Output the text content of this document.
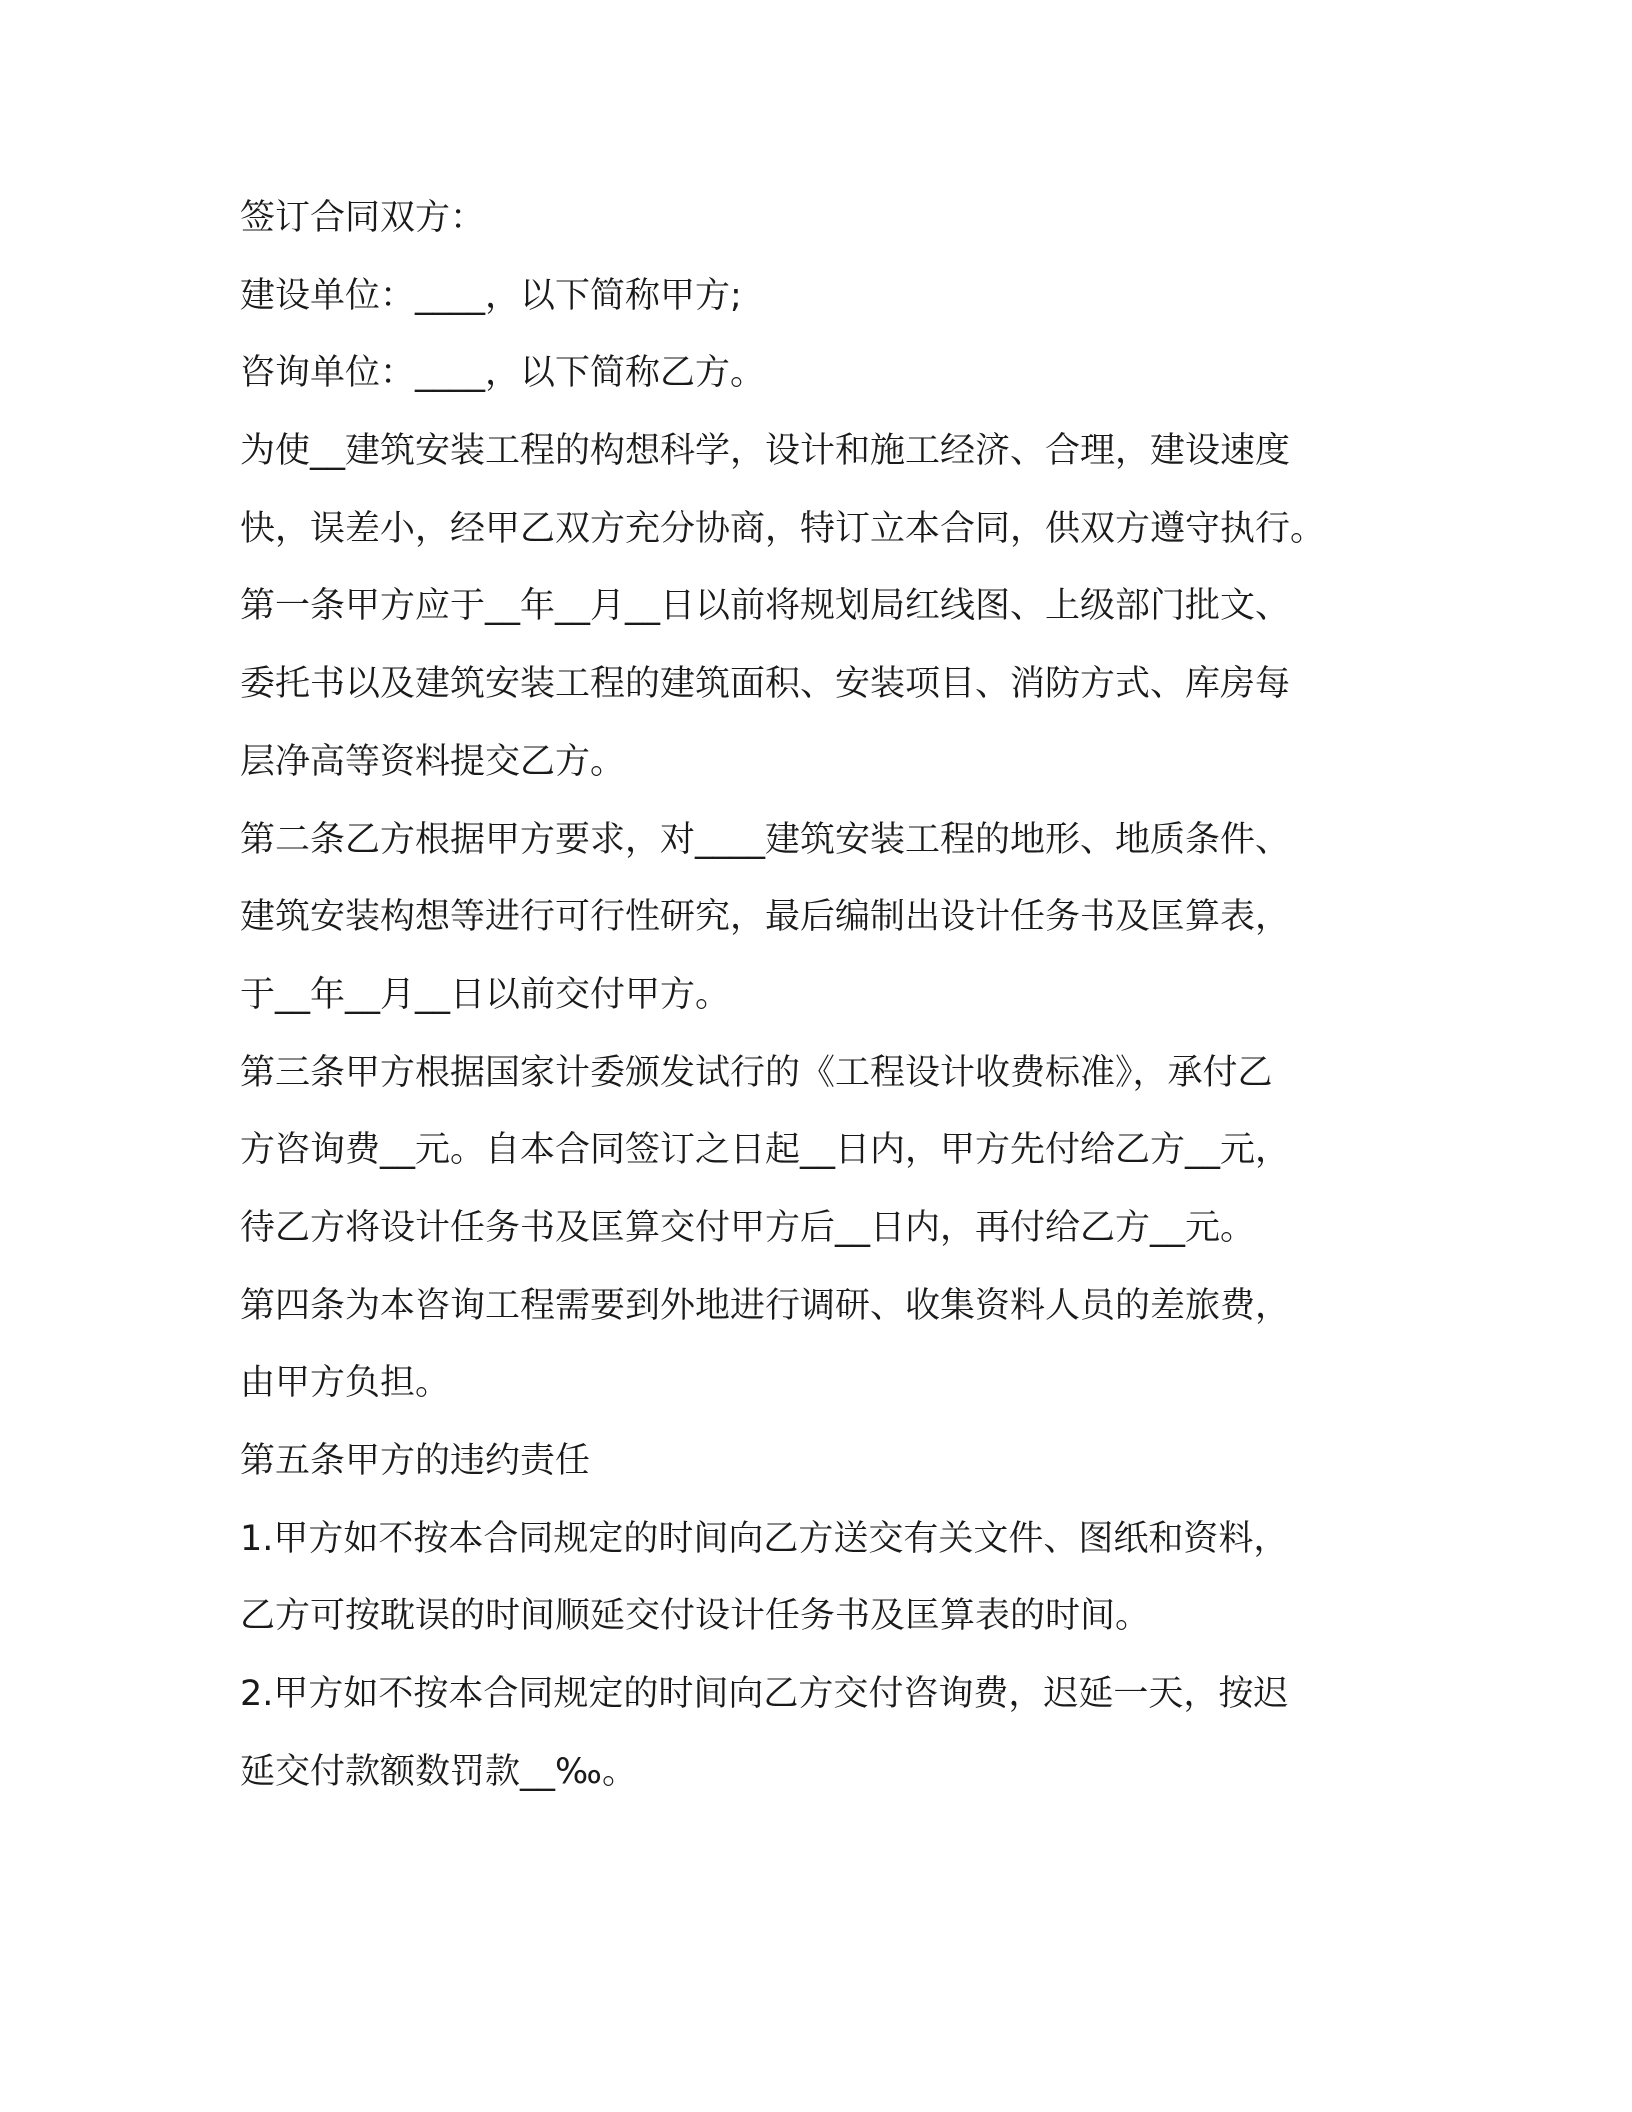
签订合同双方：
建设单位：____，以下简称甲方;
咨询单位：____，以下简称乙方。
为使__建筑安装工程的构想科学，设计和施工经济、合理，建设速度
快，误差小，经甲乙双方充分协商，特订立本合同，供双方遵守执行。
第一条甲方应于__年__月__日以前将规划局红线图、上级部门批文、
委托书以及建筑安装工程的建筑面积、安装项目、消防方式、库房每
层净高等资料提交乙方。
第二条乙方根据甲方要求，对____建筑安装工程的地形、地质条件、
建筑安装构想等进行可行性研究，最后编制出设计任务书及匡算表，
于__年__月__日以前交付甲方。
第三条甲方根据国家计委颁发试行的《工程设计收费标准》，承付乙
方咨询费__元。自本合同签订之日起__日内，甲方先付给乙方__元，
待乙方将设计任务书及匡算交付甲方后__日内，再付给乙方__元。
第四条为本咨询工程需要到外地进行调研、收集资料人员的差旅费，
由甲方负担。
第五条甲方的违约责任
1.甲方如不按本合同规定的时间向乙方送交有关文件、图纸和资料，
乙方可按耽误的时间顺延交付设计任务书及匡算表的时间。
2.甲方如不按本合同规定的时间向乙方交付咨询费，迟延一天，按迟
延交付款额数罚款__‰。
